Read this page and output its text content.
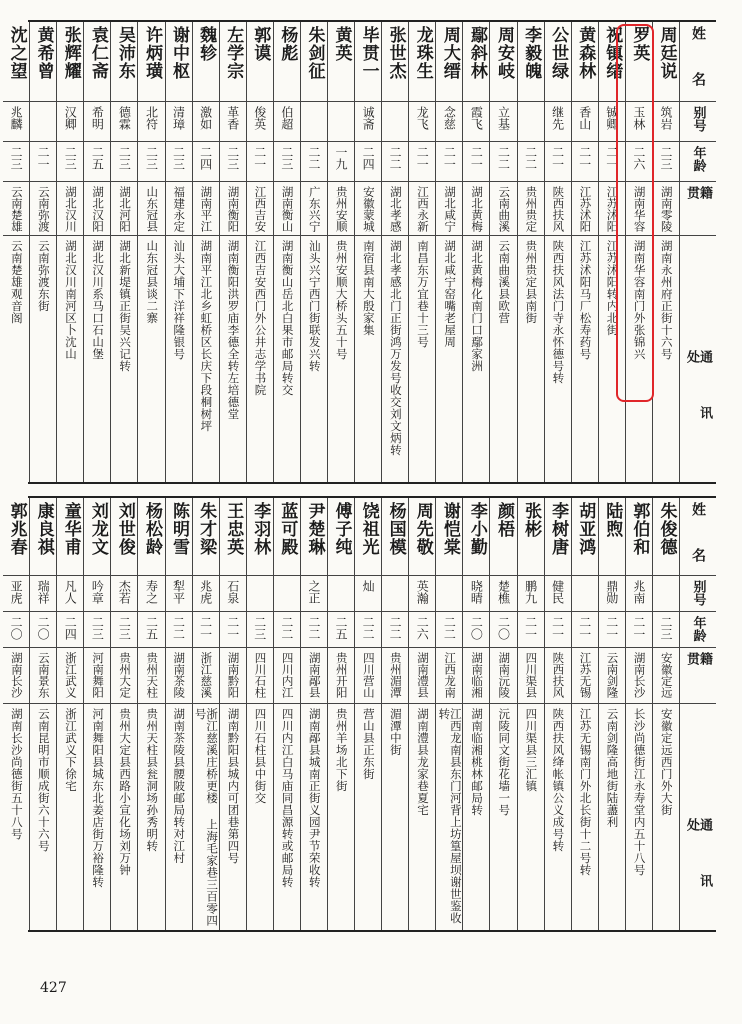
姓 名
别号
年龄
籍 贯
通 讯 处
周廷说
筑岩
二三
湖南零陵
湖南永州府正街十六号
罗英
玉林
二六
湖南华容
湖南华容南门外张锦兴
祝镇绪
铖卿
二一
江苏沭阳
江苏沭阳转内北街
黄森林
香山
二一
江苏沭阳
江苏沭阳马厂松寿药号
公世绿
继先
二一
陕西扶风
陕西扶风法门寺永怀德号转
李毅魄
二二
贵州贵定
贵州贵定县南街
周安岐
立基
二二
云南曲溪
云南曲溪县欧营
鄢斜林
霞飞
二一
湖北黄梅
湖北黄梅化南门口鄢家洲
周大缙
念慈
二一
湖北咸宁
湖北咸宁窑嘴老屋周
龙珠生
龙飞
二一
江西永新
南昌东万宜巷十三号
张世杰
二二
湖北孝感
湖北孝感北门正街鸿万发号收交刘文炳转
毕贯一
诚斋
二四
安徽蒙城
南宿县南大殷家集
黄英
一九
贵州安顺
贵州安顺大桥头五十号
朱剑征
二二
广东兴宁
汕头兴宁西门街联发兴转
杨彪
伯超
二三
湖南衡山
湖南衡山岳北白果市邮局转交
郭谟
俊英
二一
江西吉安
江西吉安西门外公井志学书院
左学宗
革香
二三
湖南衡阳
湖南衡阳洪罗庙李德全转左培德堂
魏轸
激如
二四
湖南平江
湖南平江北乡虹桥区长庆下段桐树坪
谢中枢
清璋
二三
福建永定
汕头大埔下洋祥隆银号
许炳璜
北符
二三
山东冠县
山东冠县谈二寨
吴沛东
德霖
二三
湖北河阳
湖北新堤镇正街吴兴记转
袁仁斋
希明
二五
湖北汉阳
湖北汉川系马口石山堡
张辉耀
汉卿
二三
湖北汉川
湖北汉川南河区卜沈山
黄希曾
二一
云南弥渡
云南弥渡东街
沈之望
兆麟
二三
云南楚雄
云南楚雄观音阁
姓 名
别号
年龄
籍 贯
通 讯 处
朱俊德
二三
安徽定远
安徽定远西门外大街
郭伯和
兆南
二一
湖南长沙
长沙尚德街江永寿堂内五十八号
陆煦
鼎勋
二一
云南剑隆
云南剑隆高地街陆藎利
胡亚鸿
二一
江苏无锡
江苏无锡南门外北长街十二号转
李树唐
健民
二一
陕西扶风
陕西扶风绛帐镇公义成号转
张彬
鹏九
二一
四川渠县
四川渠县三汇镇
颜梧
楚樵
二〇
湖南沅陵
沅陵同文街花墙一号
李小勤
晓晴
二〇
湖南临湘
湖南临湘桃林邮局转
谢恺棠
二二
江西龙南
江西龙南县东门河背上坊篁屋坝谢世鉴收转
周先敬
英瀚
二六
湖南澧县
湖南澧县龙家巷夏宅
杨国模
二二
贵州湄潭
湄潭中街
饶祖光
灿
二二
四川营山
营山县正东街
傅子纯
二五
贵州开阳
贵州羊场北下街
尹楚琳
之正
二二
湖南鄗县
湖南鄗县城南正街义园尹节荣收转
蓝可殿
二二
四川内江
四川内江白马庙同昌源转或邮局转
李羽林
二三
四川石柱
四川石柱县中街交
王忠英
石泉
二一
湖南黔阳
湖南黔阳县城内可团巷第四号
朱才梁
兆虎
二一
浙江慈溪
浙江慈溪庄桥更楼 上海毛家巷三百零四号
陈明雪
犁平
二二
湖南茶陵
湖南茶陵县腰陂邮局转对江村
杨松龄
寿之
二五
贵州天柱
贵州天柱县瓮洞场孙秀明转
刘世俊
杰若
二三
贵州大定
贵州大定县西路小宣化场刘万钟
刘龙文
吟章
二三
河南舞阳
河南舞阳县城东北姜店街万裕隆转
童华甫
凡人
二四
浙江武义
浙江武义下徐宅
康良祺
瑞祥
二〇
云南景东
云南昆明市顺成街六十六号
郭兆春
亚虎
二〇
湖南长沙
湖南长沙尚德街五十八号
427
